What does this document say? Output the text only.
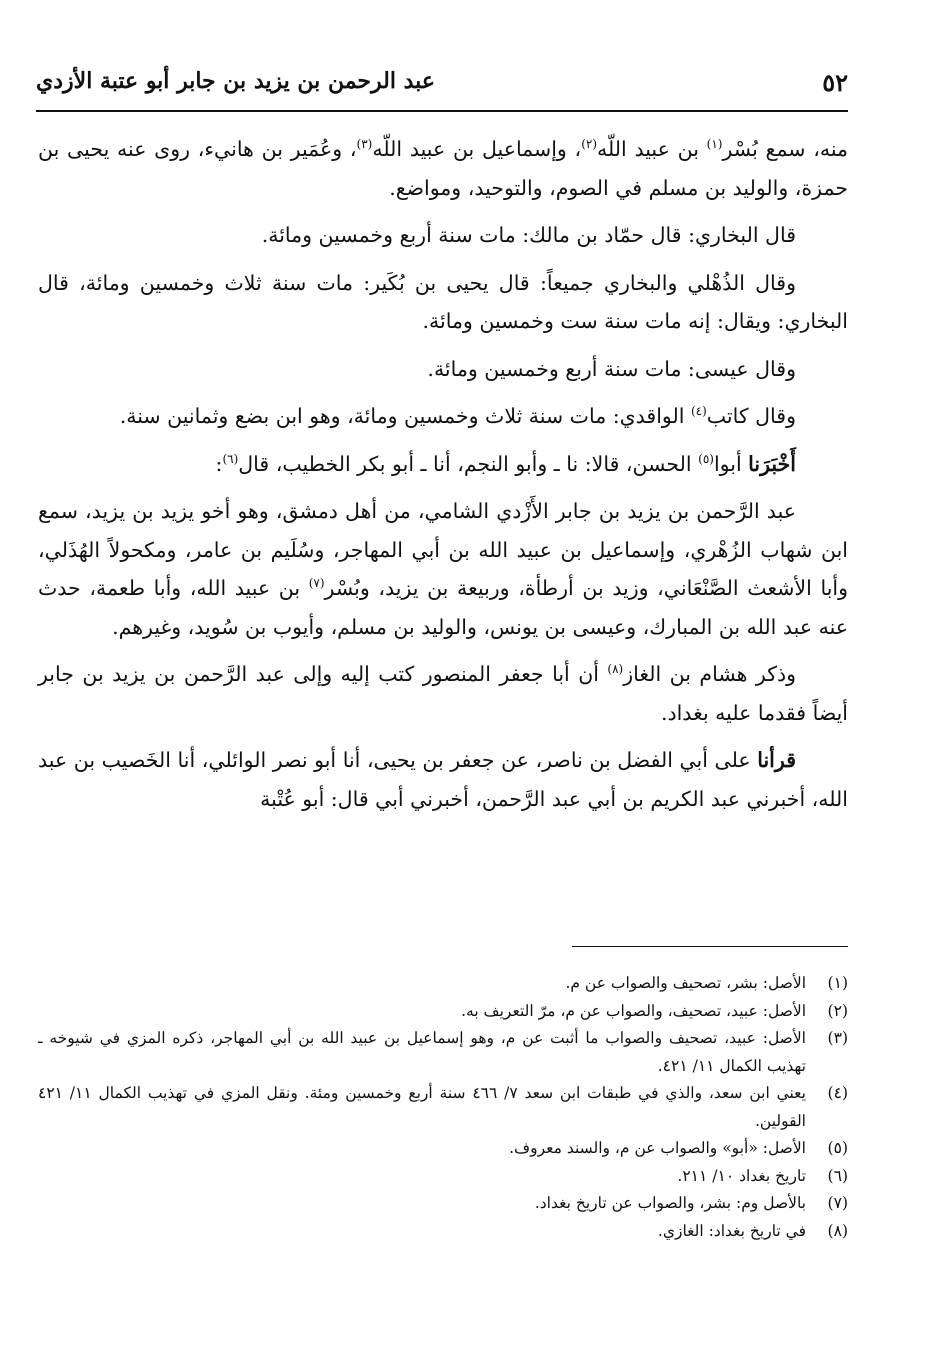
٥٢
عبد الرحمن بن يزيد بن جابر أبو عتبة الأزدي

منه، سمع بُسْر$^{(١)}$ بن عبيد اللّه$^{(٢)}$، وإسماعيل بن عبيد اللّه$^{(٣)}$، وعُمَير بن هانيء، روى عنه يحيى بن حمزة، والوليد بن مسلم في الصوم، والتوحيد، ومواضع.

قال البخاري: قال حمّاد بن مالك: مات سنة أربع وخمسين ومائة.

وقال الذُهْلي والبخاري جميعاً: قال يحيى بن بُكَير: مات سنة ثلاث وخمسين ومائة، قال البخاري: ويقال: إنه مات سنة ست وخمسين ومائة.

وقال عيسى: مات سنة أربع وخمسين ومائة.

وقال كاتب$^{(٤)}$ الواقدي: مات سنة ثلاث وخمسين ومائة، وهو ابن بضع وثمانين سنة.

أَخْبَرَنا أبوا$^{(٥)}$ الحسن، قالا: نا ـ وأبو النجم، أنا ـ أبو بكر الخطيب، قال$^{(٦)}$:

عبد الرَّحمن بن يزيد بن جابر الأَزْدي الشامي، من أهل دمشق، وهو أخو يزيد بن يزيد، سمع ابن شهاب الزُهْري، وإسماعيل بن عبيد الله بن أبي المهاجر، وسُلَيم بن عامر، ومكحولاً الهُذَلي، وأبا الأشعث الصَّنْعَاني، وزيد بن أرطأة، وربيعة بن يزيد، وبُسْر$^{(٧)}$ بن عبيد الله، وأبا طعمة، حدث عنه عبد الله بن المبارك، وعيسى بن يونس، والوليد بن مسلم، وأيوب بن سُويد، وغيرهم.

وذكر هشام بن الغاز$^{(٨)}$ أن أبا جعفر المنصور كتب إليه وإلى عبد الرَّحمن بن يزيد بن جابر أيضاً فقدما عليه بغداد.

قرأنا على أبي الفضل بن ناصر، عن جعفر بن يحيى، أنا أبو نصر الوائلي، أنا الخَصيب بن عبد الله، أخبرني عبد الكريم بن أبي عبد الرَّحمن، أخبرني أبي قال: أبو عُتْبة

(١)
الأصل: بشر، تصحيف والصواب عن م.
(٢)
الأصل: عبيد، تصحيف، والصواب عن م، مرّ التعريف به.
(٣)
الأصل: عبيد، تصحيف والصواب ما أثبت عن م، وهو إسماعيل بن عبيد الله بن أبي المهاجر، ذكره المزي في شيوخه ـ تهذيب الكمال ١١/ ٤٢١.
(٤)
يعني ابن سعد، والذي في طبقات ابن سعد ٧/ ٤٦٦ سنة أربع وخمسين ومئة. ونقل المزي في تهذيب الكمال ١١/ ٤٢١ القولين.
(٥)
الأصل: «أبو» والصواب عن م، والسند معروف.
(٦)
تاريخ بغداد ١٠/ ٢١١.
(٧)
بالأصل وم: بشر، والصواب عن تاريخ بغداد.
(٨)
في تاريخ بغداد: الغازي.
